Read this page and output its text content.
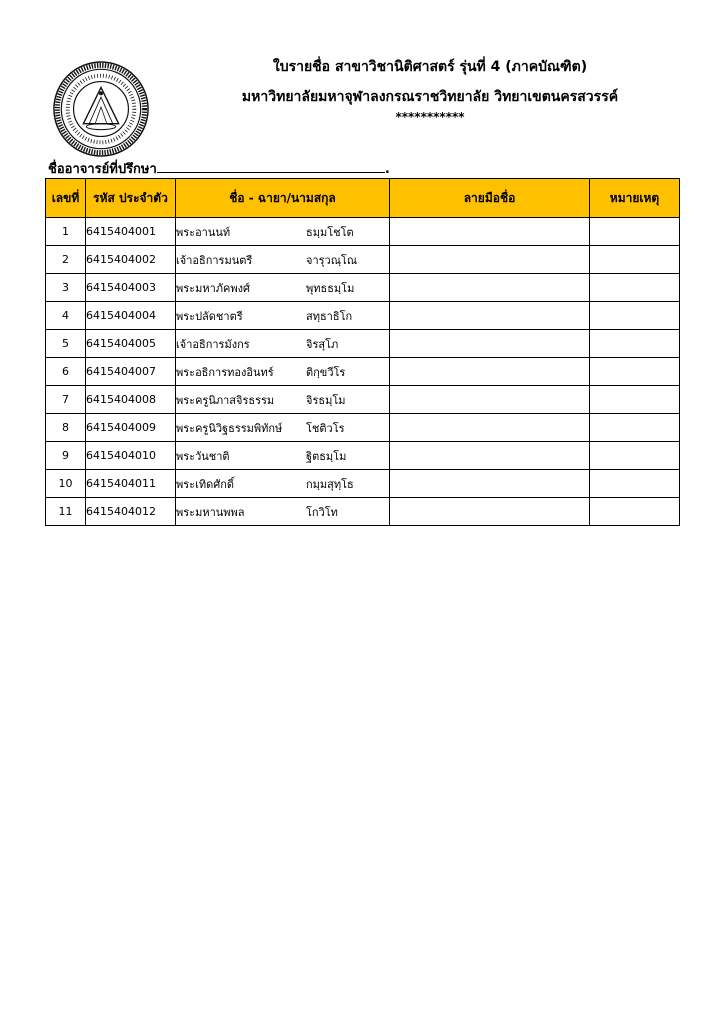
ใบรายชื่อ สาขาวิชานิติศาสตร์ รุ่นที่ 4 (ภาคบัณฑิต)
มหาวิทยาลัยมหาจุฬาลงกรณราชวิทยาลัย วิทยาเขตนครสวรรค์
***********
ชื่ออาจารย์ที่ปรึกษา	.
เลขที่	รหัส ประจำตัว	ชื่อ - ฉายา/นามสกุล	ลายมือชื่อ	หมายเหตุ
1	6415404001	พระอานนท์ ธมฺมโชโต		
2	6415404002	เจ้าอธิการมนตรี จารุวณฺโณ		
3	6415404003	พระมหาภัคพงศ์ พุทธธมฺโม		
4	6415404004	พระปลัดชาตรี สทฺธาธิโก		
5	6415404005	เจ้าอธิการมังกร จิรสุโภ		
6	6415404007	พระอธิการทองอินทร์ ติกฺขวีโร		
7	6415404008	พระครูนิภาสจิรธรรม จิรธมฺโม		
8	6415404009	พระครูนิวิฐธรรมพิทักษ์ โชติวโร		
9	6415404010	พระวันชาติ ฐิตธมฺโม		
10	6415404011	พระเทิดศักดิ์ กมฺมสุทฺโธ		
11	6415404012	พระมหานพพล โกวิโท		
